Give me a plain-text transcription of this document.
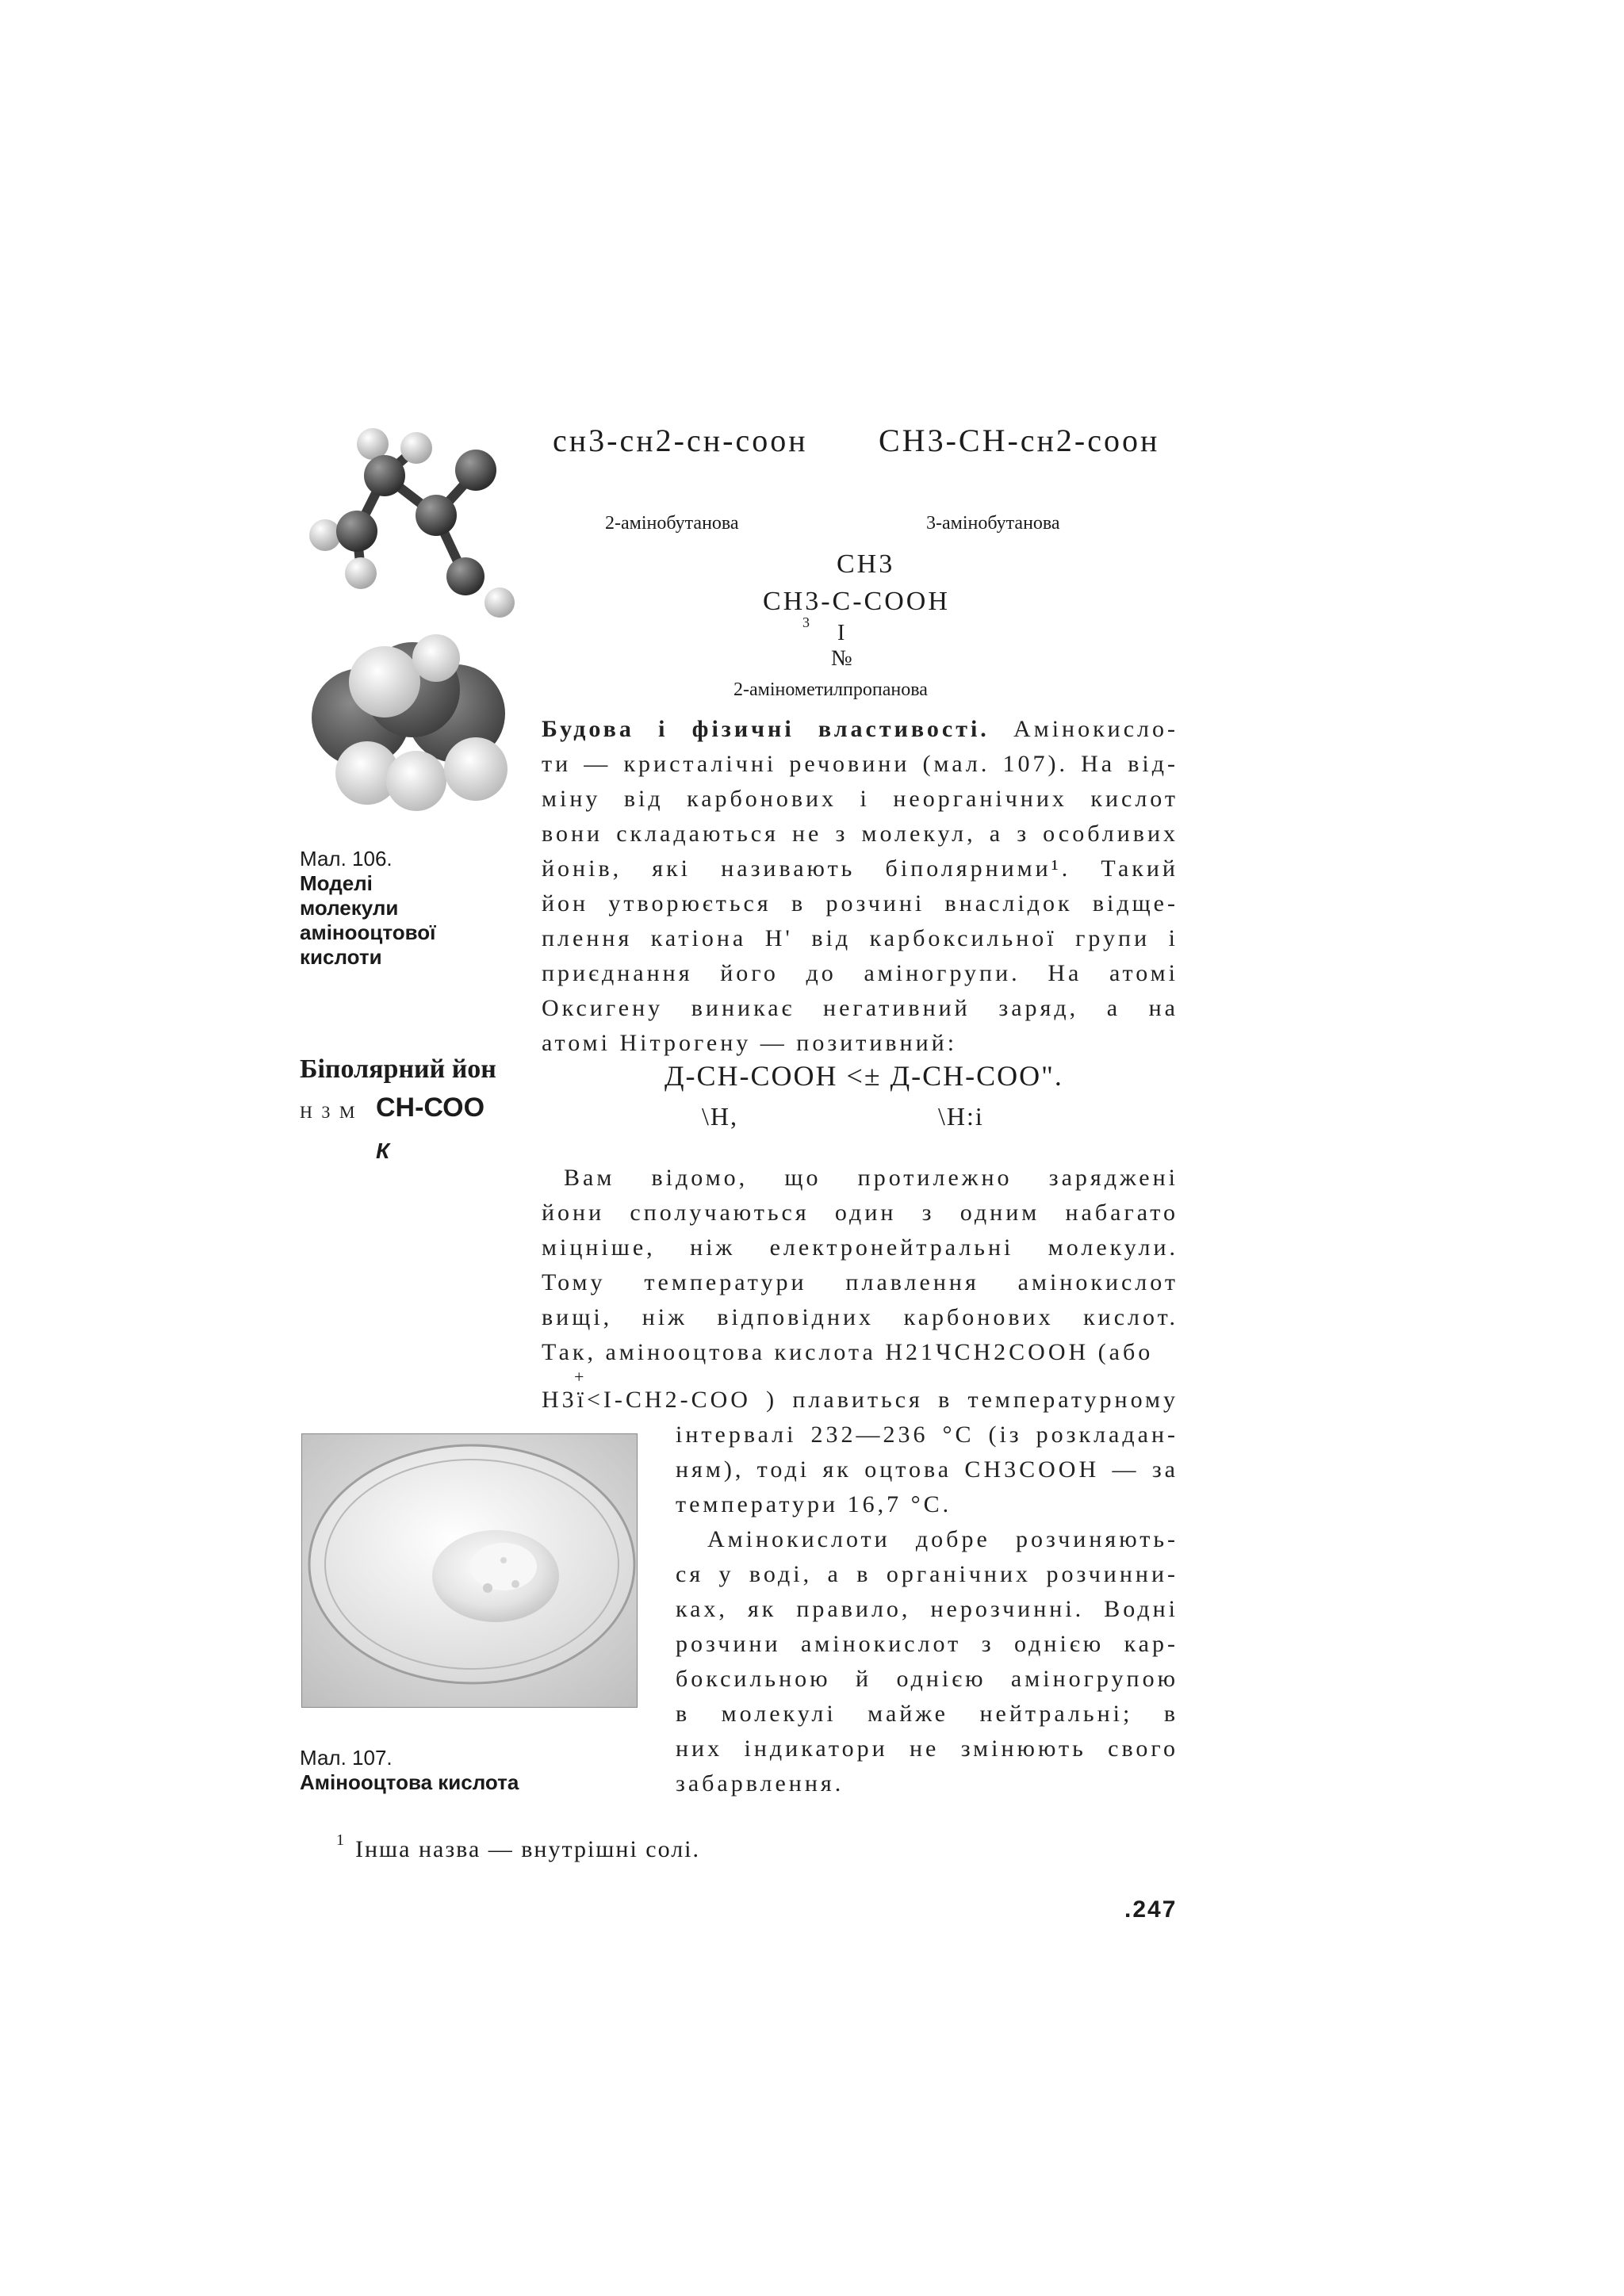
сн3-сн2-сн-соон СН3-СН-сн2-соон
2-амінобутанова	3-амінобутанова
СН3
СН3-С-СООН
3 I
№
2-амінометилпропанова

Будова і фізичні властивості. Амінокисло-

ти — кристалічні речовини (мал. 107). На від-

міну від карбонових і неорганічних кислот

вони складаються не з молекул, а з особливих

йонів, які називають біполярними¹. Такий

йон утворюється в розчині внаслідок відще-

плення катіона Н' від карбоксильної групи і

приєднання його до аміногрупи. На атомі

Оксигену виникає негативний заряд, а на

атомі Нітрогену — позитивний:

Д-СН-СООН <± Д-СН-СОО".
\Н,	\Н:і

Вам відомо, що протилежно заряджені

йони сполучаються один з одним набагато

міцніше, ніж електронейтральні молекули.

Тому температури плавлення амінокислот

вищі, ніж відповідних карбонових кислот.

Так, амінооцтова кислота Н21ЧСН2СООН (або

+

Н3ї<І-СН2-СОО ) плавиться в температурному

інтервалі 232—236 °С (із розкладан-

ням), тоді як оцтова СН3СООН — за

температури 16,7 °С.

Амінокислоти добре розчиняють-

ся у воді, а в органічних розчинни-

ках, як правило, нерозчинні. Водні

розчини амінокислот з однією кар-

боксильною й однією аміногрупою

в молекулі майже нейтральні; в

них індикатори не змінюють свого

забарвлення.

Мал. 106.
Моделі
молекули
амінооцтової
кислоти
Біполярний йон
Н 3 М СН-СОО
К
Мал. 107.
Амінооцтова кислота
1 Інша назва — внутрішні солі.
.247
